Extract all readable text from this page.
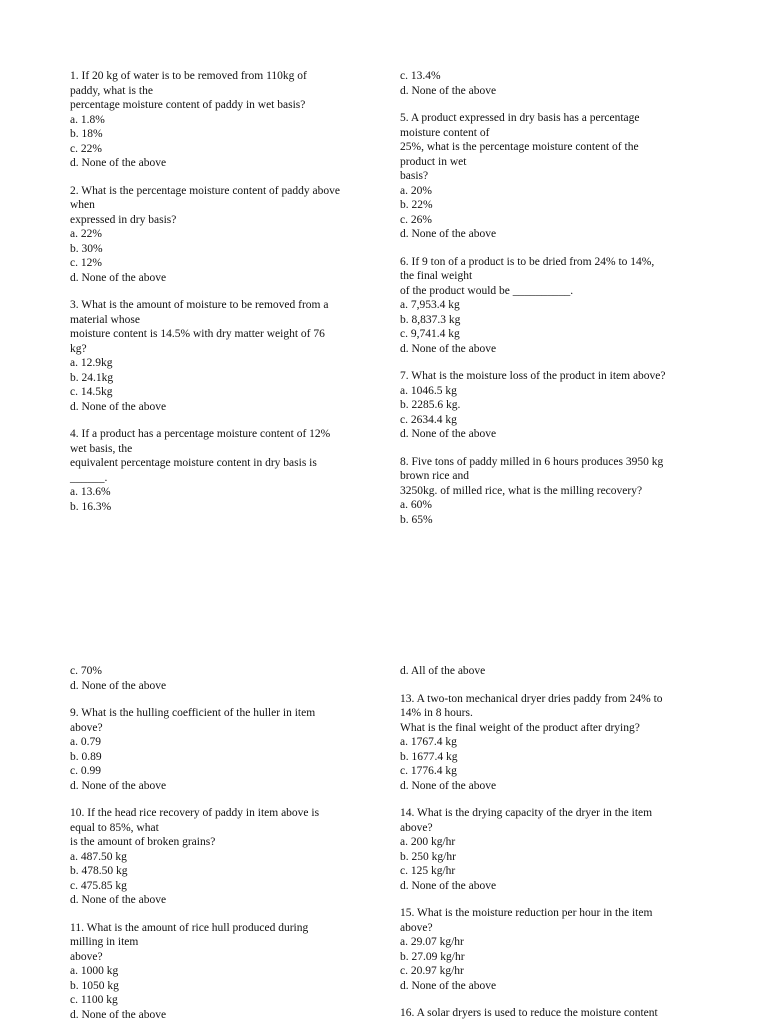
1. If 20 kg of water is to be removed from 110kg of
paddy, what is the
percentage moisture content of paddy in wet basis?
a. 1.8%
b. 18%
c. 22%
d. None of the above
2. What is the percentage moisture content of paddy above
when
expressed in dry basis?
a. 22%
b. 30%
c. 12%
d. None of the above
3. What is the amount of moisture to be removed from a
material whose
moisture content is 14.5% with dry matter weight of 76
kg?
a. 12.9kg
b. 24.1kg
c. 14.5kg
d. None of the above
4. If a product has a percentage moisture content of 12%
wet basis, the
equivalent percentage moisture content in dry basis is
______.
a. 13.6%
b. 16.3%
c. 13.4%
d. None of the above
5. A product expressed in dry basis has a percentage
moisture content of
25%, what is the percentage moisture content of the
product in wet
basis?
a. 20%
b. 22%
c. 26%
d. None of the above
6. If 9 ton of a product is to be dried from 24% to 14%,
the final weight
of the product would be __________.
a. 7,953.4 kg
b. 8,837.3 kg
c. 9,741.4 kg
d. None of the above
7. What is the moisture loss of the product in item above?
a. 1046.5 kg
b. 2285.6 kg.
c. 2634.4 kg
d. None of the above
8. Five tons of paddy milled in 6 hours produces 3950 kg
brown rice and
3250kg. of milled rice, what is the milling recovery?
a. 60%
b. 65%
c. 70%
d. None of the above
9. What is the hulling coefficient of the huller in item
above?
a. 0.79
b. 0.89
c. 0.99
d. None of the above
10. If the head rice recovery of paddy in item above is
equal to 85%, what
is the amount of broken grains?
a. 487.50 kg
b. 478.50 kg
c. 475.85 kg
d. None of the above
11. What is the amount of rice hull produced during
milling in item
above?
a. 1000 kg
b. 1050 kg
c. 1100 kg
d. None of the above
d. All of the above
13. A two-ton mechanical dryer dries paddy from 24% to
14% in 8 hours.
What is the final weight of the product after drying?
a. 1767.4 kg
b. 1677.4 kg
c. 1776.4 kg
d. None of the above
14. What is the drying capacity of the dryer in the item
above?
a. 200 kg/hr
b. 250 kg/hr
c. 125 kg/hr
d. None of the above
15. What is the moisture reduction per hour in the item
above?
a. 29.07 kg/hr
b. 27.09 kg/hr
c. 20.97 kg/hr
d. None of the above
16. A solar dryers is used to reduce the moisture content
